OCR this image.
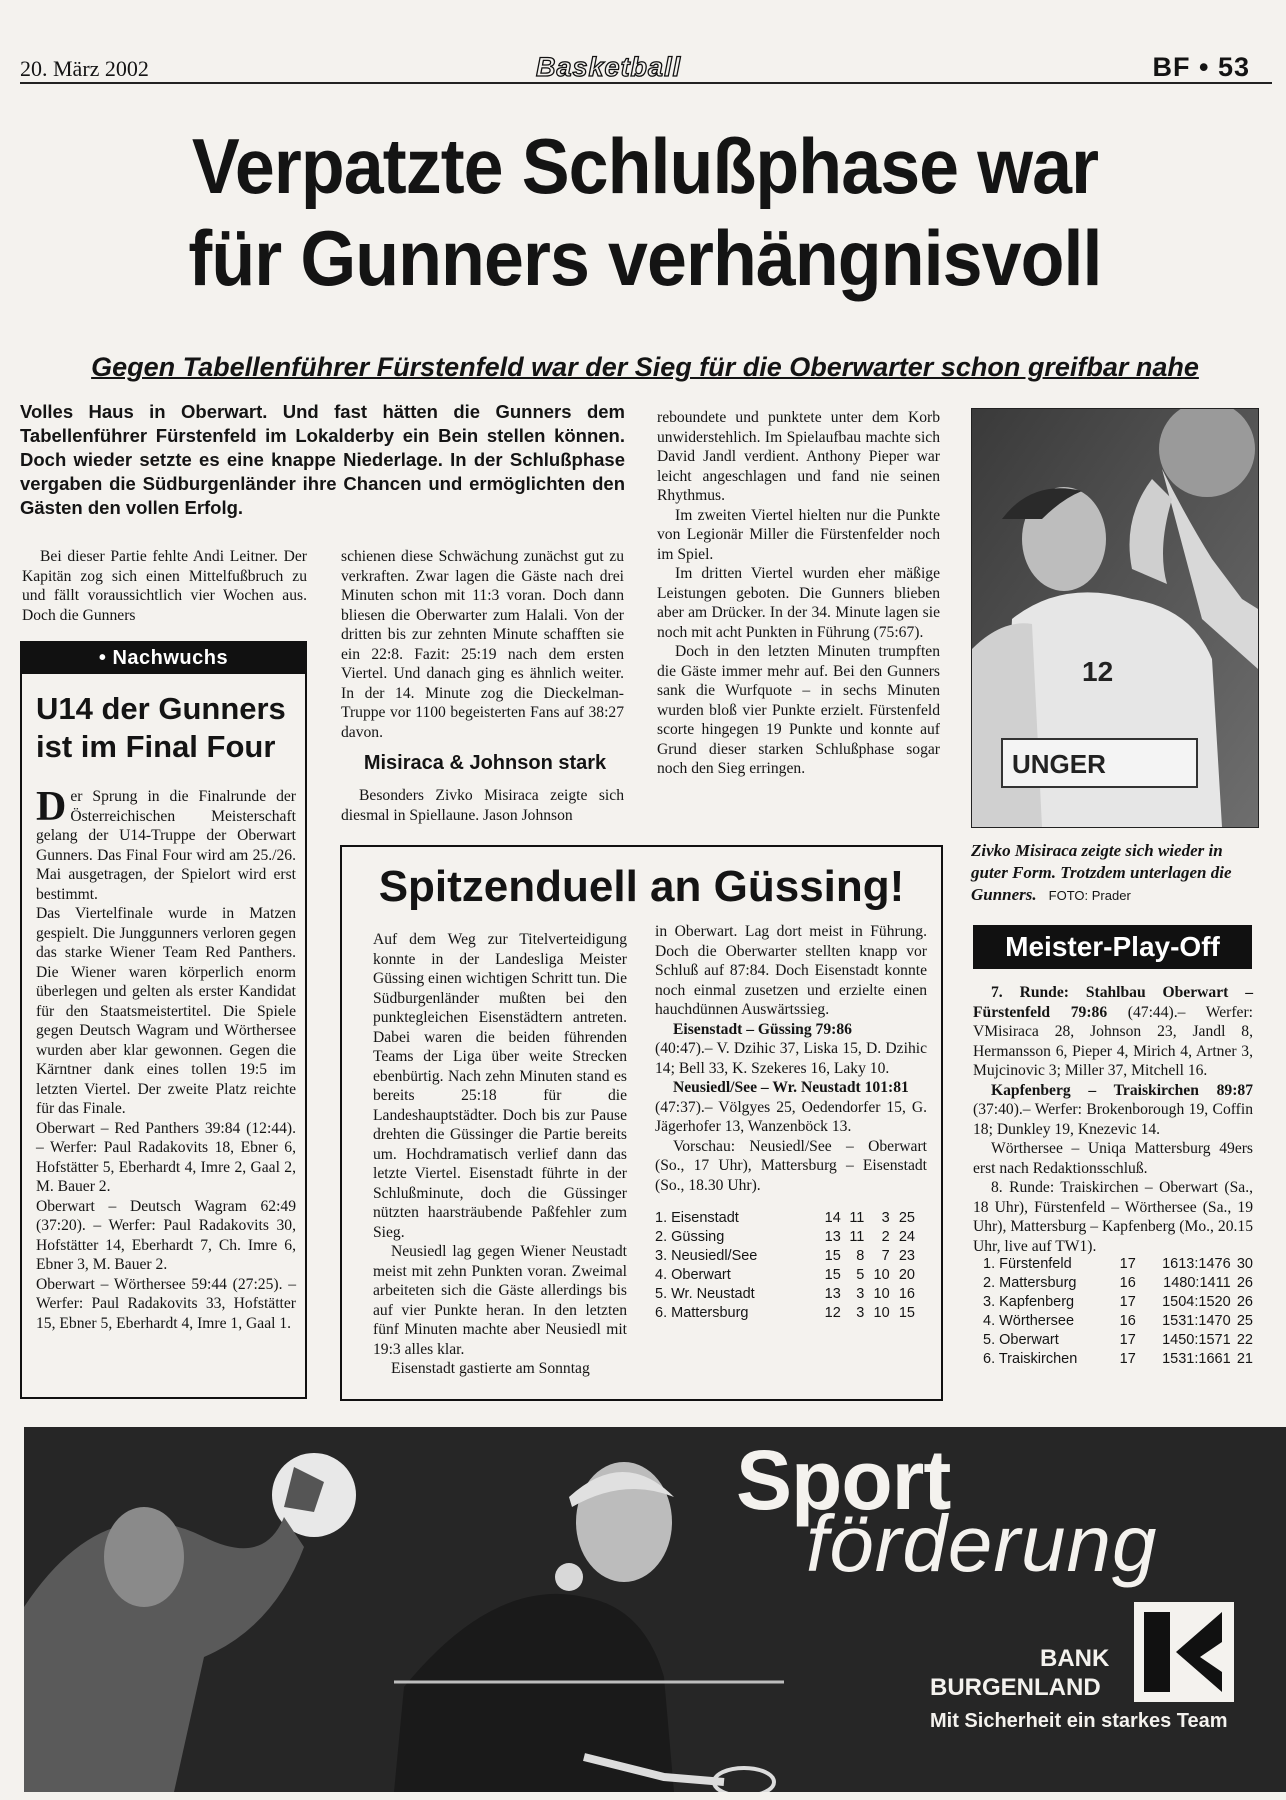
20. März 2002	Basketball	BF • 53
Verpatzte Schlußphase war
für Gunners verhängnisvoll
Gegen Tabellenführer Fürstenfeld war der Sieg für die Oberwarter schon greifbar nahe
Volles Haus in Oberwart. Und fast hätten die Gunners dem Tabellenführer Fürstenfeld im Lokalderby ein Bein stellen können. Doch wieder setzte es eine knappe Niederlage. In der Schlußphase vergaben die Südburgenländer ihre Chancen und ermöglichten den Gästen den vollen Erfolg.

Bei dieser Partie fehlte Andi Leitner. Der Kapitän zog sich einen Mittelfußbruch zu und fällt voraussichtlich vier Wochen aus. Doch die Gunners

schienen diese Schwächung zunächst gut zu verkraften. Zwar lagen die Gäste nach drei Minuten schon mit 11:3 voran. Doch dann bliesen die Oberwarter zum Halali. Von der dritten bis zur zehnten Minute schafften sie ein 22:8. Fazit: 25:19 nach dem ersten Viertel. Und danach ging es ähnlich weiter. In der 14. Minute zog die Dieckelman-Truppe vor 1100 begeisterten Fans auf 38:27 davon.

Misiraca & Johnson stark

Besonders Zivko Misiraca zeigte sich diesmal in Spiellaune. Jason Johnson

reboundete und punktete unter dem Korb unwiderstehlich. Im Spielaufbau machte sich David Jandl verdient. Anthony Pieper war leicht angeschlagen und fand nie seinen Rhythmus.

Im zweiten Viertel hielten nur die Punkte von Legionär Miller die Fürstenfelder noch im Spiel.

Im dritten Viertel wurden eher mäßige Leistungen geboten. Die Gunners blieben aber am Drücker. In der 34. Minute lagen sie noch mit acht Punkten in Führung (75:67).

Doch in den letzten Minuten trumpften die Gäste immer mehr auf. Bei den Gunners sank die Wurfquote – in sechs Minuten wurden bloß vier Punkte erzielt. Fürstenfeld scorte hingegen 19 Punkte und konnte auf Grund dieser starken Schlußphase sogar noch den Sieg erringen.

• Nachwuchs
U14 der Gunners ist im Final Four

Der Sprung in die Finalrunde der Österreichischen Meisterschaft gelang der U14-Truppe der Oberwart Gunners. Das Final Four wird am 25./26. Mai ausgetragen, der Spielort wird erst bestimmt.

Das Viertelfinale wurde in Matzen gespielt. Die Junggunners verloren gegen das starke Wiener Team Red Panthers. Die Wiener waren körperlich enorm überlegen und gelten als erster Kandidat für den Staatsmeistertitel. Die Spiele gegen Deutsch Wagram und Wörthersee wurden aber klar gewonnen. Gegen die Kärntner dank eines tollen 19:5 im letzten Viertel. Der zweite Platz reichte für das Finale.

Oberwart – Red Panthers 39:84 (12:44). – Werfer: Paul Radakovits 18, Ebner 6, Hofstätter 5, Eberhardt 4, Imre 2, Gaal 2, M. Bauer 2.

Oberwart – Deutsch Wagram 62:49 (37:20). – Werfer: Paul Radakovits 30, Hofstätter 14, Eberhardt 7, Ch. Imre 6, Ebner 3, M. Bauer 2.

Oberwart – Wörthersee 59:44 (27:25). – Werfer: Paul Radakovits 33, Hofstätter 15, Ebner 5, Eberhardt 4, Imre 1, Gaal 1.

12
UNGER
Zivko Misiraca zeigte sich wieder in guter Form. Trotzdem unterlagen die Gunners. FOTO: Prader
Spitzenduell an Güssing!

Auf dem Weg zur Titelverteidigung konnte in der Landesliga Meister Güssing einen wichtigen Schritt tun. Die Südburgenländer mußten bei den punktegleichen Eisenstädtern antreten. Dabei waren die beiden führenden Teams der Liga über weite Strecken ebenbürtig. Nach zehn Minuten stand es bereits 25:18 für die Landeshauptstädter. Doch bis zur Pause drehten die Güssinger die Partie bereits um. Hochdramatisch verlief dann das letzte Viertel. Eisenstadt führte in der Schlußminute, doch die Güssinger nützten haarsträubende Paßfehler zum Sieg.

Neusiedl lag gegen Wiener Neustadt meist mit zehn Punkten voran. Zweimal arbeiteten sich die Gäste allerdings bis auf vier Punkte heran. In den letzten fünf Minuten machte aber Neusiedl mit 19:3 alles klar.

Eisenstadt gastierte am Sonntag

in Oberwart. Lag dort meist in Führung. Doch die Oberwarter stellten knapp vor Schluß auf 87:84. Doch Eisenstadt konnte noch einmal zusetzen und erzielte einen hauchdünnen Auswärtssieg.

Eisenstadt – Güssing 79:86

(40:47).– V. Dzihic 37, Liska 15, D. Dzihic 14; Bell 33, K. Szekeres 16, Laky 10.

Neusiedl/See – Wr. Neustadt 101:81

(47:37).– Völgyes 25, Oedendorfer 15, G. Jägerhofer 13, Wanzenböck 13.

Vorschau: Neusiedl/See – Oberwart (So., 17 Uhr), Mattersburg – Eisenstadt (So., 18.30 Uhr).

1. Eisenstadt	14	11	3	25
2. Güssing	13	11	2	24
3. Neusiedl/See	15	8	7	23
4. Oberwart	15	5	10	20
5. Wr. Neustadt	13	3	10	16
6. Mattersburg	12	3	10	15
Meister-Play-Off

7. Runde: Stahlbau Oberwart – Fürstenfeld 79:86 (47:44).– Werfer: VMisiraca 28, Johnson 23, Jandl 8, Hermansson 6, Pieper 4, Mirich 4, Artner 3, Mujcinovic 3; Miller 37, Mitchell 16.

Kapfenberg – Traiskirchen 89:87 (37:40).– Werfer: Brokenborough 19, Coffin 18; Dunkley 19, Knezevic 14.

Wörthersee – Uniqa Mattersburg 49ers erst nach Redaktionsschluß.

8. Runde: Traiskirchen – Oberwart (Sa., 18 Uhr), Fürstenfeld – Wörthersee (Sa., 19 Uhr), Mattersburg – Kapfenberg (Mo., 20.15 Uhr, live auf TW1).

1. Fürstenfeld	17	1613:1476	30
2. Mattersburg	16	1480:1411	26
3. Kapfenberg	17	1504:1520	26
4. Wörthersee	16	1531:1470	25
5. Oberwart	17	1450:1571	22
6. Traiskirchen	17	1531:1661	21
Sport
förderung
BANK
BURGENLAND
Mit Sicherheit ein starkes Team
